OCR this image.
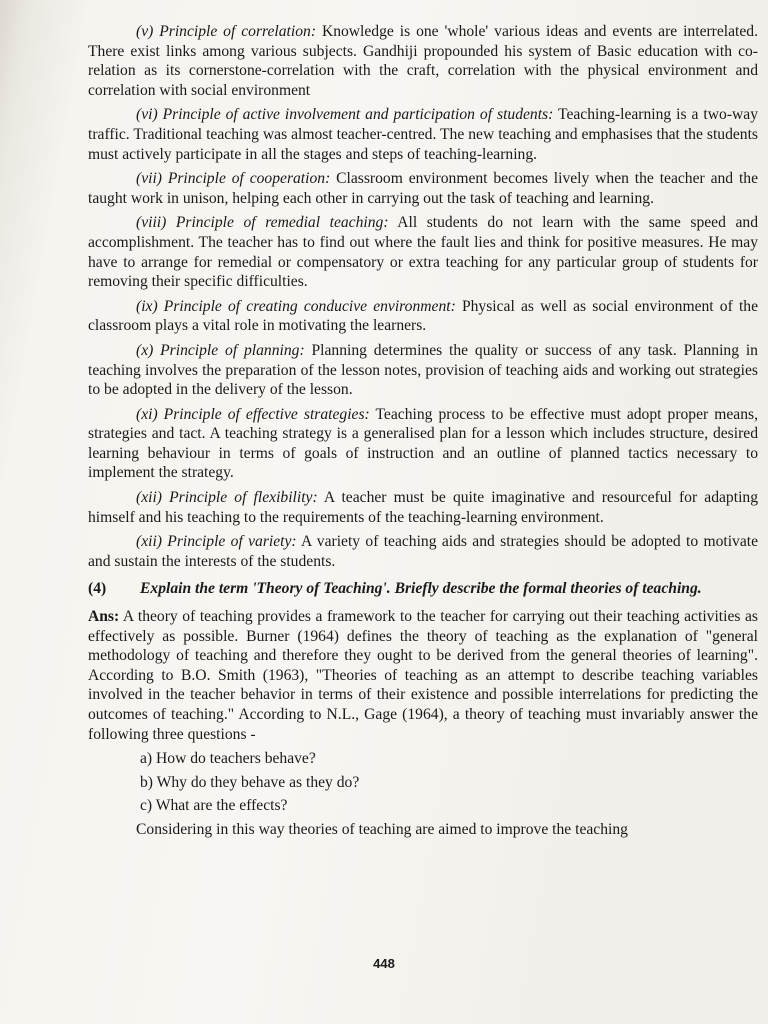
(v) Principle of correlation: Knowledge is one 'whole' various ideas and events are interrelated. There exist links among various subjects. Gandhiji propounded his system of Basic education with co-relation as its cornerstone-correlation with the craft, correlation with the physical environment and correlation with social environment

(vi) Principle of active involvement and participation of students: Teaching-learning is a two-way traffic. Traditional teaching was almost teacher-centred. The new teaching and emphasises that the students must actively participate in all the stages and steps of teaching-learning.

(vii) Principle of cooperation: Classroom environment becomes lively when the teacher and the taught work in unison, helping each other in carrying out the task of teaching and learning.

(viii) Principle of remedial teaching: All students do not learn with the same speed and accomplishment. The teacher has to find out where the fault lies and think for positive measures. He may have to arrange for remedial or compensatory or extra teaching for any particular group of students for removing their specific difficulties.

(ix) Principle of creating conducive environment: Physical as well as social environment of the classroom plays a vital role in motivating the learners.

(x) Principle of planning: Planning determines the quality or success of any task. Planning in teaching involves the preparation of the lesson notes, provision of teaching aids and working out strategies to be adopted in the delivery of the lesson.

(xi) Principle of effective strategies: Teaching process to be effective must adopt proper means, strategies and tact. A teaching strategy is a generalised plan for a lesson which includes structure, desired learning behaviour in terms of goals of instruction and an outline of planned tactics necessary to implement the strategy.

(xii) Principle of flexibility: A teacher must be quite imaginative and resourceful for adapting himself and his teaching to the requirements of the teaching-learning environment.

(xii) Principle of variety: A variety of teaching aids and strategies should be adopted to motivate and sustain the interests of the students.

(4)	Explain the term 'Theory of Teaching'. Briefly describe the formal theories of teaching.

Ans: A theory of teaching provides a framework to the teacher for carrying out their teaching activities as effectively as possible. Burner (1964) defines the theory of teaching as the explanation of "general methodology of teaching and therefore they ought to be derived from the general theories of learning". According to B.O. Smith (1963), "Theories of teaching as an attempt to describe teaching variables involved in the teacher behavior in terms of their existence and possible interrelations for predicting the outcomes of teaching." According to N.L., Gage (1964), a theory of teaching must invariably answer the following three questions -

a) How do teachers behave?
b) Why do they behave as they do?
c) What are the effects?

Considering in this way theories of teaching are aimed to improve the teaching

448
